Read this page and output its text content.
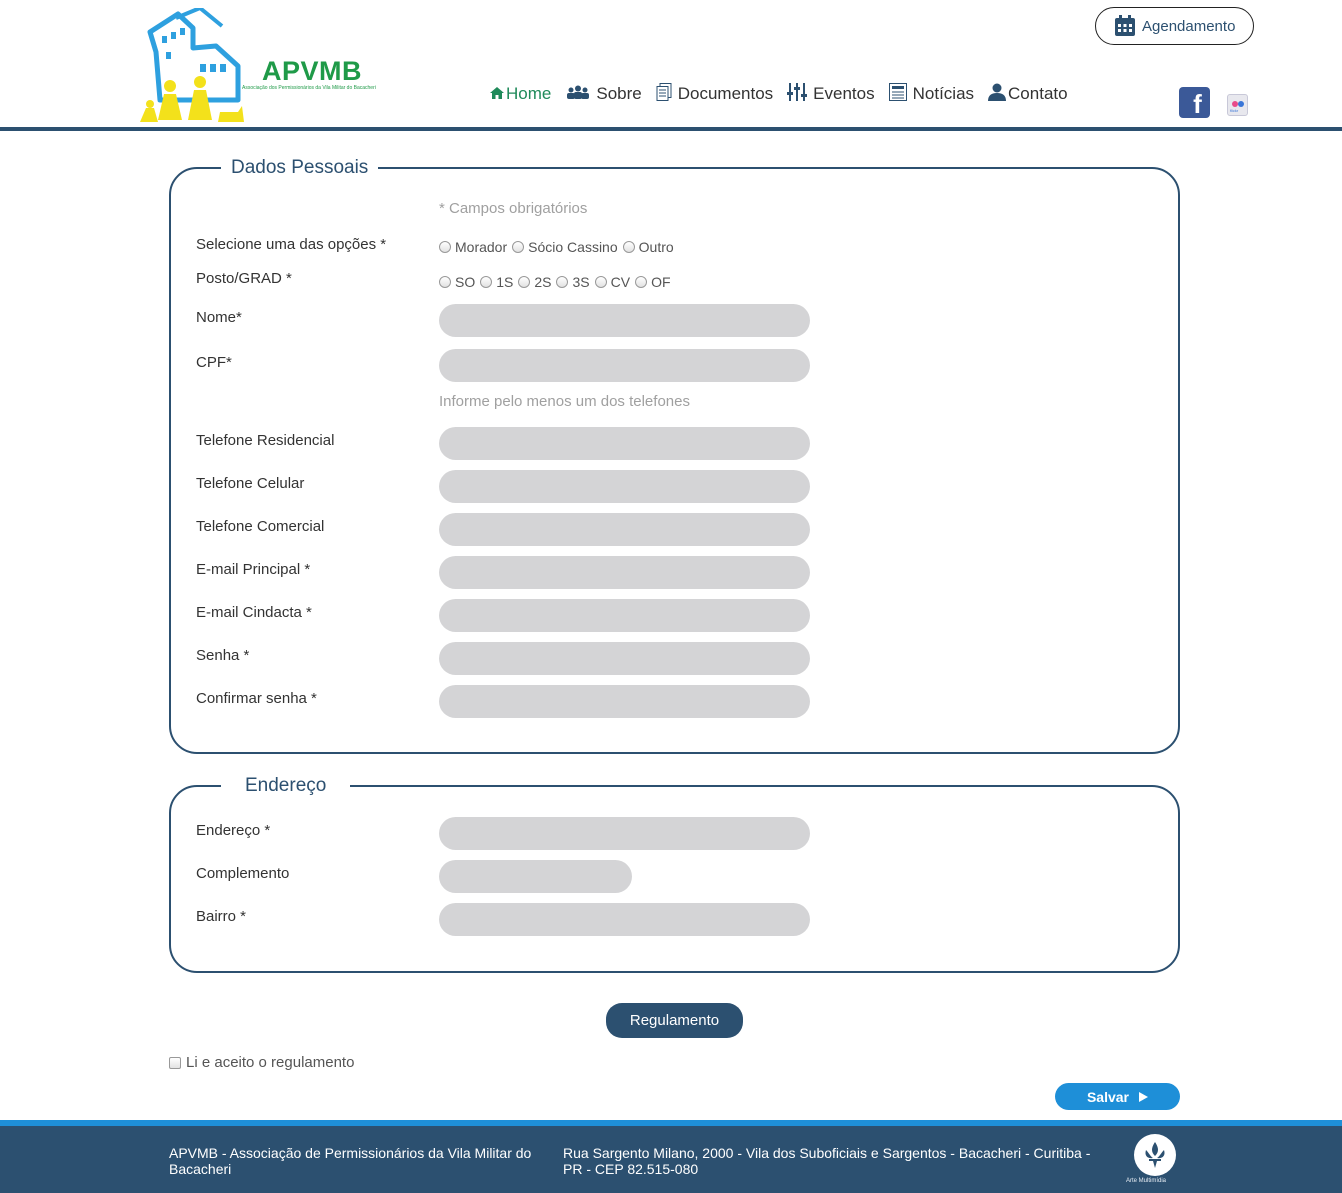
APVMB
Associação dos Permissionários da Vila Militar do Bacacheri
Agendamento
Home	Sobre Documentos Eventos Notícias Contato	f	flickr
Dados Pessoais
* Campos obrigatórios
Selecione uma das opções *	Morador Sócio Cassino Outro
Posto/GRAD *	SO 1S 2S 3S CV OF
Nome*
CPF*
Informe pelo menos um dos telefones
Telefone Residencial
Telefone Celular
Telefone Comercial
E-mail Principal *
E-mail Cindacta *
Senha *
Confirmar senha *
Endereço
Endereço *
Complemento
Bairro *
Regulamento
Li e aceito o regulamento
Salvar
APVMB - Associação de Permissionários da Vila Militar do Bacacheri
Rua Sargento Milano, 2000 - Vila dos Suboficiais e Sargentos - Bacacheri - Curitiba - PR - CEP 82.515-080
Arte Multimídia
